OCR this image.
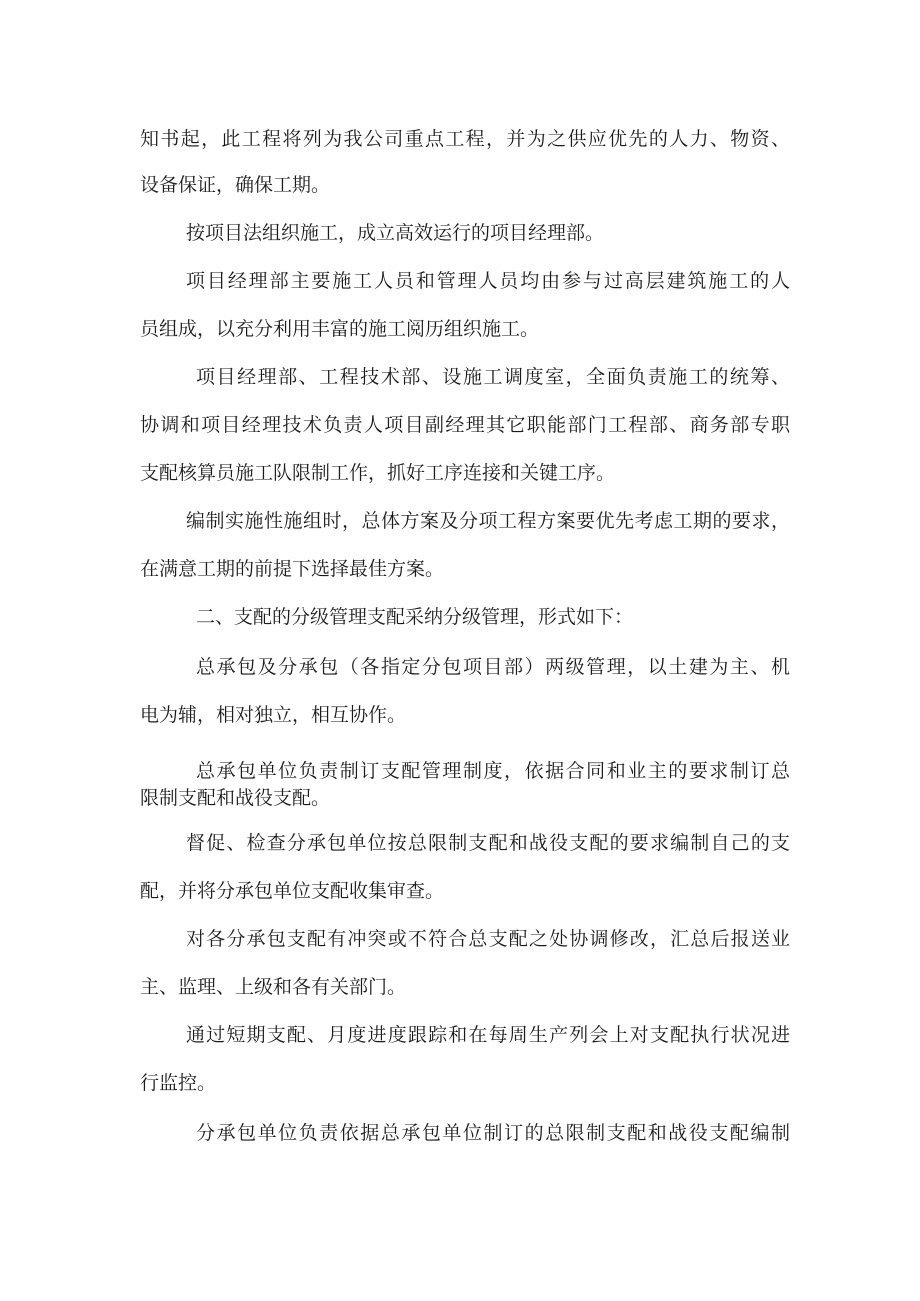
知书起，此工程将列为我公司重点工程，并为之供应优先的人力、物资、
设备保证，确保工期。
按项目法组织施工，成立高效运行的项目经理部。
项目经理部主要施工人员和管理人员均由参与过高层建筑施工的人
员组成，以充分利用丰富的施工阅历组织施工。
项目经理部、工程技术部、设施工调度室，全面负责施工的统筹、
协调和项目经理技术负责人项目副经理其它职能部门工程部、商务部专职
支配核算员施工队限制工作，抓好工序连接和关键工序。
编制实施性施组时，总体方案及分项工程方案要优先考虑工期的要求，
在满意工期的前提下选择最佳方案。
二、支配的分级管理支配采纳分级管理，形式如下：
总承包及分承包（各指定分包项目部）两级管理，以土建为主、机
电为辅，相对独立，相互协作。
总承包单位负责制订支配管理制度，依据合同和业主的要求制订总
限制支配和战役支配。
督促、检查分承包单位按总限制支配和战役支配的要求编制自己的支
配，并将分承包单位支配收集审查。
对各分承包支配有冲突或不符合总支配之处协调修改，汇总后报送业
主、监理、上级和各有关部门。
通过短期支配、月度进度跟踪和在每周生产列会上对支配执行状况进
行监控。
分承包单位负责依据总承包单位制订的总限制支配和战役支配编制
